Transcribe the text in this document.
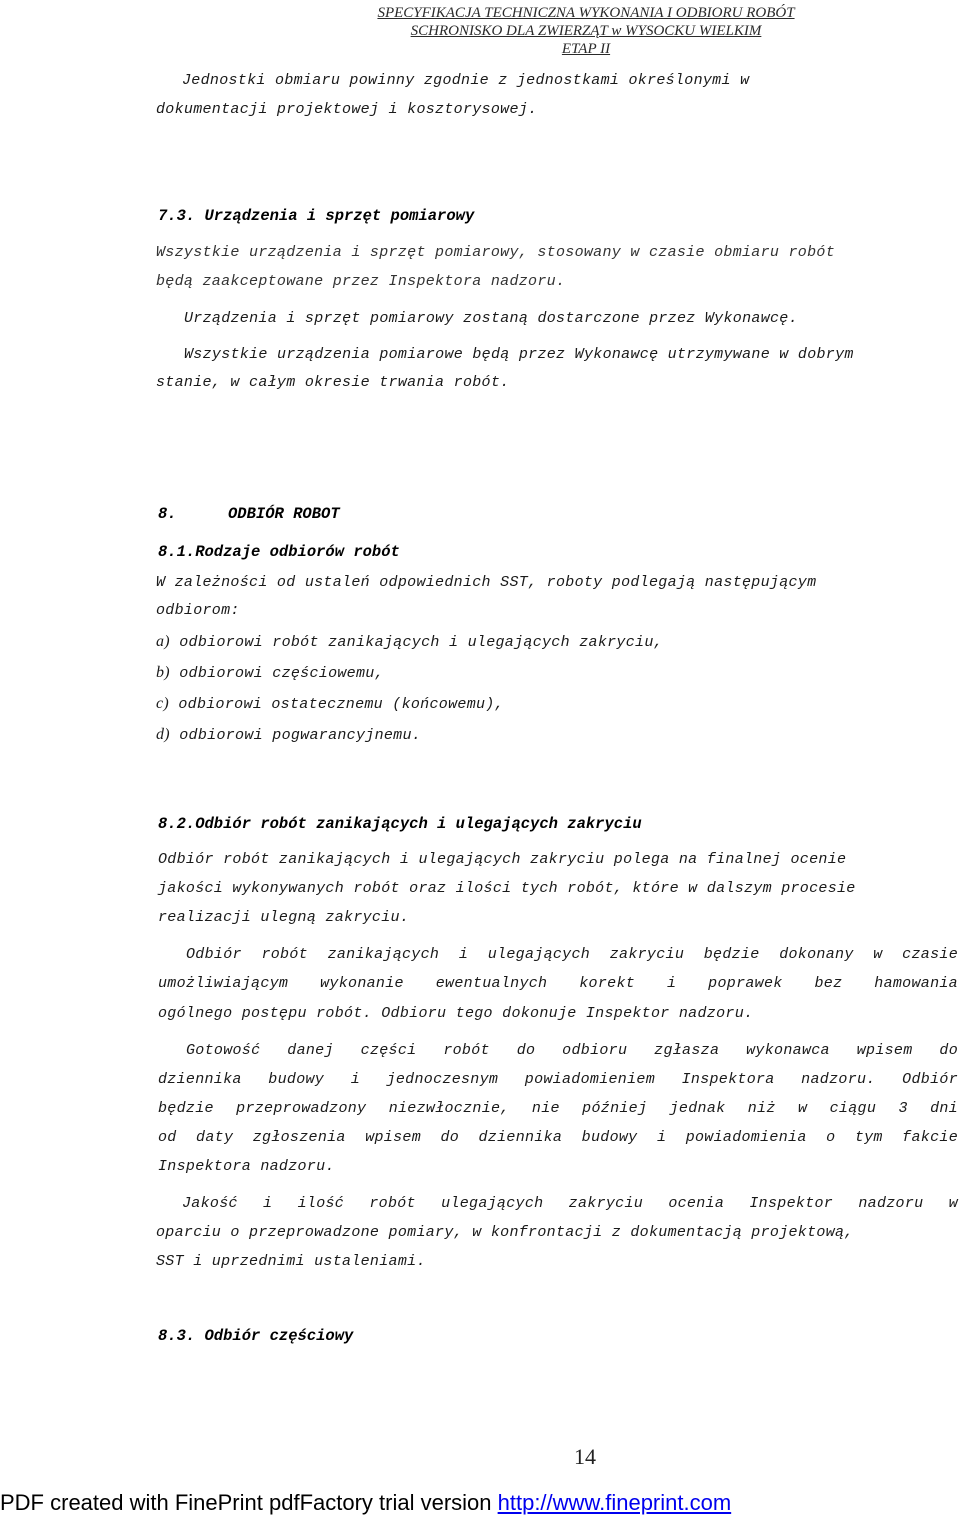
SPECYFIKACJA TECHNICZNA WYKONANIA I ODBIORU ROBÓT
SCHRONISKO DLA ZWIERZĄT w WYSOCKU WIELKIM
ETAP II
Jednostki obmiaru powinny zgodnie z jednostkami określonymi w
dokumentacji projektowej i kosztorysowej.
7.3. Urządzenia i sprzęt pomiarowy
Wszystkie urządzenia i sprzęt pomiarowy, stosowany w czasie obmiaru robót
będą zaakceptowane przez Inspektora nadzoru.
Urządzenia i sprzęt pomiarowy zostaną dostarczone przez Wykonawcę.
Wszystkie urządzenia pomiarowe będą przez Wykonawcę utrzymywane w dobrym
stanie, w całym okresie trwania robót.
8.	ODBIÓR ROBOT
8.1.Rodzaje odbiorów robót
W zależności od ustaleń odpowiednich SST, roboty podlegają następującym
odbiorom:
a) odbiorowi robót zanikających i ulegających zakryciu,
b) odbiorowi częściowemu,
c) odbiorowi ostatecznemu (końcowemu),
d) odbiorowi pogwarancyjnemu.
8.2.Odbiór robót zanikających i ulegających zakryciu
Odbiór robót zanikających i ulegających zakryciu polega na finalnej ocenie
jakości wykonywanych robót oraz ilości tych robót, które w dalszym procesie
realizacji ulegną zakryciu.
Odbiór robót zanikających i ulegających zakryciu będzie dokonany w czasie
umożliwiającym wykonanie ewentualnych korekt i poprawek bez hamowania
ogólnego postępu robót. Odbioru tego dokonuje Inspektor nadzoru.
Gotowość danej części robót do odbioru zgłasza wykonawca wpisem do
dziennika budowy i jednoczesnym powiadomieniem Inspektora nadzoru. Odbiór
będzie przeprowadzony niezwłocznie, nie później jednak niż w ciągu 3 dni
od daty zgłoszenia wpisem do dziennika budowy i powiadomienia o tym fakcie
Inspektora nadzoru.
Jakość i ilość robót ulegających zakryciu ocenia Inspektor nadzoru w
oparciu o przeprowadzone pomiary, w konfrontacji z dokumentacją projektową,
SST i uprzednimi ustaleniami.
8.3. Odbiór częściowy
14
PDF created with FinePrint pdfFactory trial version http://www.fineprint.com
